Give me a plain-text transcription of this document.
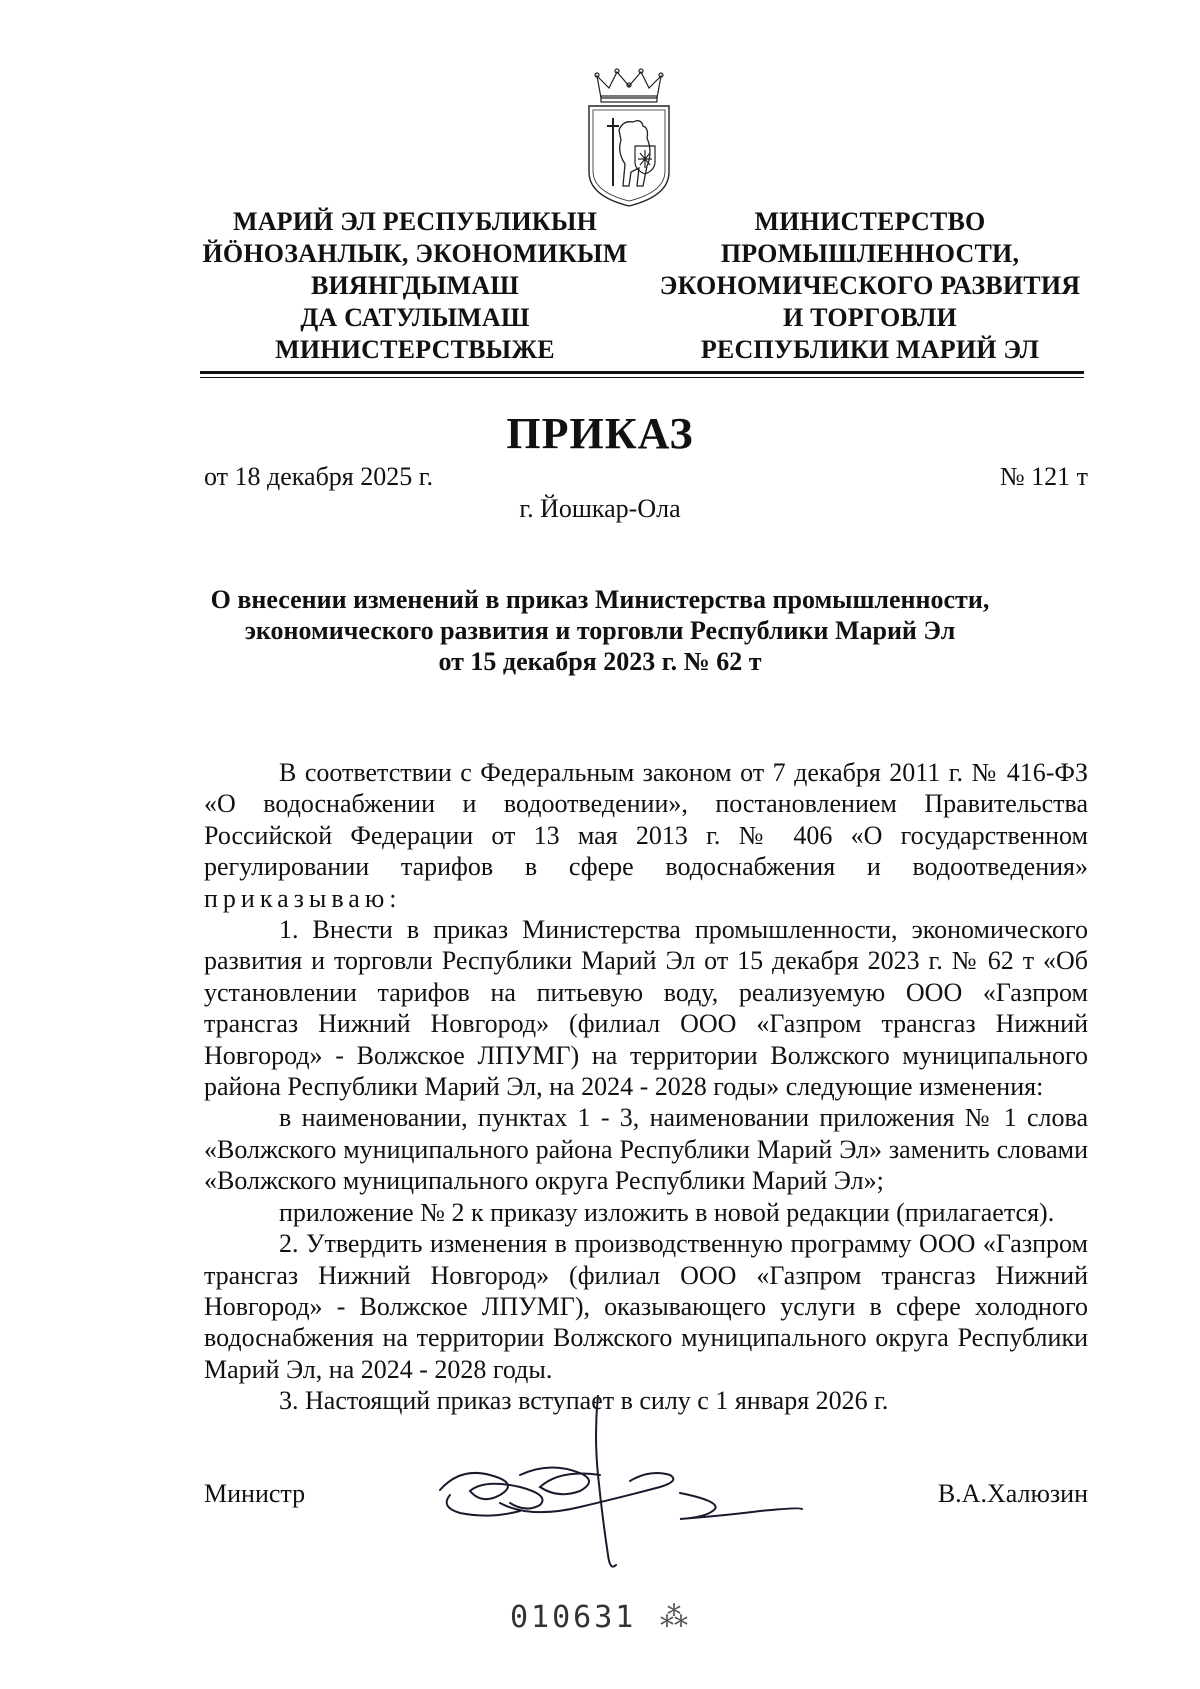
МАРИЙ ЭЛ РЕСПУБЛИКЫН
ЙӦНОЗАНЛЫК, ЭКОНОМИКЫМ
ВИЯНГДЫМАШ
ДА САТУЛЫМАШ
МИНИСТЕРСТВЫЖЕ
МИНИСТЕРСТВО
ПРОМЫШЛЕННОСТИ,
ЭКОНОМИЧЕСКОГО РАЗВИТИЯ
И ТОРГОВЛИ
РЕСПУБЛИКИ МАРИЙ ЭЛ
ПРИКАЗ
от 18 декабря 2025 г.	№ 121 т
г. Йошкар-Ола
О внесении изменений в приказ Министерства промышленности,
экономического развития и торговли Республики Марий Эл
от 15 декабря 2023 г. № 62 т

В соответствии с Федеральным законом от 7 декабря 2011 г. № 416-ФЗ «О водоснабжении и водоотведении», постановлением Правительства Российской Федерации от 13 мая 2013 г. № 406 «О государственном регулировании тарифов в сфере водоснабжения и водоотведения» приказываю:

1. Внести в приказ Министерства промышленности, экономического развития и торговли Республики Марий Эл от 15 декабря 2023 г. № 62 т «Об установлении тарифов на питьевую воду, реализуемую ООО «Газпром трансгаз Нижний Новгород» (филиал ООО «Газпром трансгаз Нижний Новгород» - Волжское ЛПУМГ) на территории Волжского муниципального района Республики Марий Эл, на 2024 - 2028 годы» следующие изменения:

в наименовании, пунктах 1 - 3, наименовании приложения № 1 слова «Волжского муниципального района Республики Марий Эл» заменить словами «Волжского муниципального округа Республики Марий Эл»;

приложение № 2 к приказу изложить в новой редакции (прилагается).

2. Утвердить изменения в производственную программу ООО «Газпром трансгаз Нижний Новгород» (филиал ООО «Газпром трансгаз Нижний Новгород» - Волжское ЛПУМГ), оказывающего услуги в сфере холодного водоснабжения на территории Волжского муниципального округа Республики Марий Эл, на 2024 - 2028 годы.

3. Настоящий приказ вступает в силу с 1 января 2026 г.

Министр	В.А.Халюзин
010631 ⁂
